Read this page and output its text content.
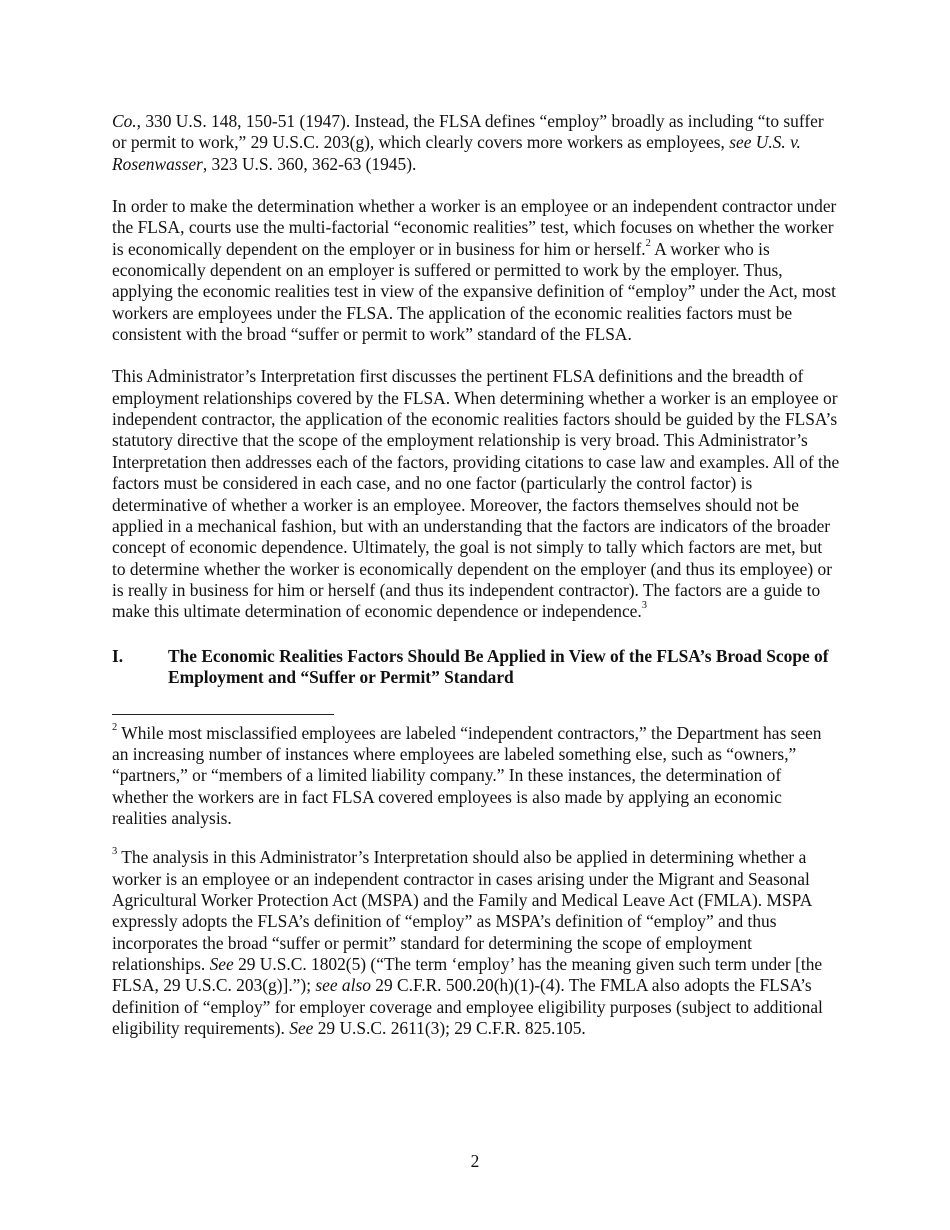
Co., 330 U.S. 148, 150-51 (1947). Instead, the FLSA defines “employ” broadly as including “to suffer or permit to work,” 29 U.S.C. 203(g), which clearly covers more workers as employees, see U.S. v. Rosenwasser, 323 U.S. 360, 362-63 (1945).

In order to make the determination whether a worker is an employee or an independent contractor under the FLSA, courts use the multi-factorial “economic realities” test, which focuses on whether the worker is economically dependent on the employer or in business for him or herself.$^2$ A worker who is economically dependent on an employer is suffered or permitted to work by the employer. Thus, applying the economic realities test in view of the expansive definition of “employ” under the Act, most workers are employees under the FLSA. The application of the economic realities factors must be consistent with the broad “suffer or permit to work” standard of the FLSA.

This Administrator’s Interpretation first discusses the pertinent FLSA definitions and the breadth of employment relationships covered by the FLSA. When determining whether a worker is an employee or independent contractor, the application of the economic realities factors should be guided by the FLSA’s statutory directive that the scope of the employment relationship is very broad. This Administrator’s Interpretation then addresses each of the factors, providing citations to case law and examples. All of the factors must be considered in each case, and no one factor (particularly the control factor) is determinative of whether a worker is an employee. Moreover, the factors themselves should not be applied in a mechanical fashion, but with an understanding that the factors are indicators of the broader concept of economic dependence. Ultimately, the goal is not simply to tally which factors are met, but to determine whether the worker is economically dependent on the employer (and thus its employee) or is really in business for him or herself (and thus its independent contractor). The factors are a guide to make this ultimate determination of economic dependence or independence.$^3$

I.	The Economic Realities Factors Should Be Applied in View of the FLSA’s Broad Scope of Employment and “Suffer or Permit” Standard

$^2$ While most misclassified employees are labeled “independent contractors,” the Department has seen an increasing number of instances where employees are labeled something else, such as “owners,” “partners,” or “members of a limited liability company.” In these instances, the determination of whether the workers are in fact FLSA covered employees is also made by applying an economic realities analysis.

$^3$ The analysis in this Administrator’s Interpretation should also be applied in determining whether a worker is an employee or an independent contractor in cases arising under the Migrant and Seasonal Agricultural Worker Protection Act (MSPA) and the Family and Medical Leave Act (FMLA). MSPA expressly adopts the FLSA’s definition of “employ” as MSPA’s definition of “employ” and thus incorporates the broad “suffer or permit” standard for determining the scope of employment relationships. See 29 U.S.C. 1802(5) (“The term ‘employ’ has the meaning given such term under [the FLSA, 29 U.S.C. 203(g)].”); see also 29 C.F.R. 500.20(h)(1)-(4). The FMLA also adopts the FLSA’s definition of “employ” for employer coverage and employee eligibility purposes (subject to additional eligibility requirements). See 29 U.S.C. 2611(3); 29 C.F.R. 825.105.

2
